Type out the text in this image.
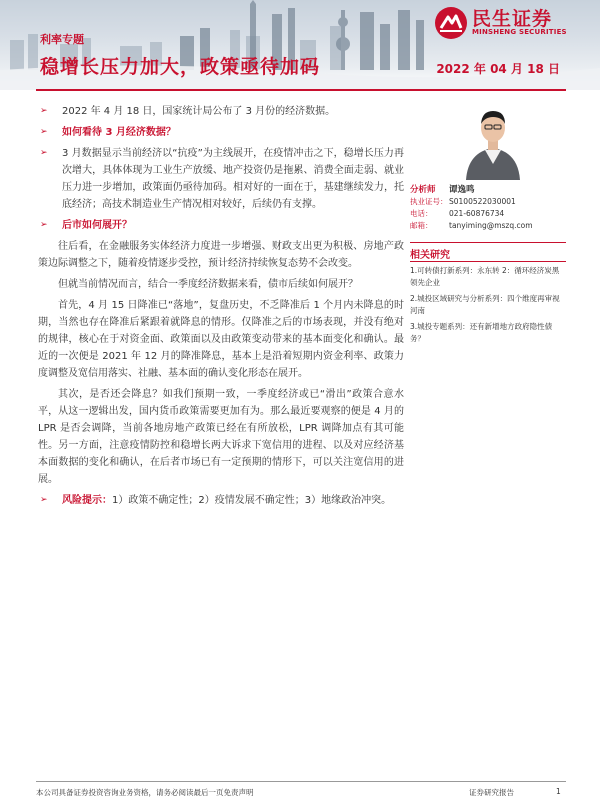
利率专题
稳增长压力加大，政策亟待加码	2022 年 04 月 18 日
民生证券
MINSHENG SECURITIES
➢ 2022 年 4 月 18 日，国家统计局公布了 3 月份的经济数据。
➢ 如何看待 3 月经济数据？
➢ 3 月数据显示当前经济以“抗疫”为主线展开，在疫情冲击之下，稳增长压力再次增大，具体体现为工业生产放缓、地产投资仍是拖累、消费全面走弱、就业压力进一步增加，政策面仍亟待加码。相对好的一面在于，基建继续发力，托底经济；高技术制造业生产情况相对较好，后续仍有支撑。
➢ 后市如何展开？
往后看，在金融服务实体经济力度进一步增强、财政支出更为积极、房地产政策边际调整之下，随着疫情逐步受控，预计经济持续恢复态势不会改变。
但就当前情况而言，结合一季度经济数据来看，债市后续如何展开？
首先，4 月 15 日降准已“落地”，复盘历史，不乏降准后 1 个月内未降息的时期，当然也存在降准后紧跟着就降息的情形。仅降准之后的市场表现，并没有绝对的规律，核心在于对资金面、政策面以及由政策变动带来的基本面变化和确认。最近的一次便是 2021 年 12 月的降准降息，基本上是沿着短期内资金利率、政策力度调整及宽信用落实、社融、基本面的确认变化形态在展开。
其次，是否还会降息？如我们预期一致，一季度经济或已“滑出”政策合意水平，从这一逻辑出发，国内货币政策需要更加有为。那么最近要观察的便是 4 月的 LPR 是否会调降，当前各地房地产政策已经在有所放松，LPR 调降加点有其可能性。另一方面，注意疫情防控和稳增长两大诉求下宽信用的进程、以及对应经济基本面数据的变化和确认，在后者市场已有一定预期的情形下，可以关注宽信用的进展。
➢ 风险提示：1）政策不确定性；2）疫情发展不确定性；3）地缘政治冲突。
分析师	谭逸鸣
执业证号： S0100522030001
电话：	021-60876734
邮箱：	tanyiming@mszq.com
相关研究
1.可转债打新系列：永东转 2：循环经济炭黑领先企业
2.城投区域研究与分析系列：四个维度再审视河南
3.城投专题系列：还有新增地方政府隐性债务？
本公司具备证券投资咨询业务资格，请务必阅读最后一页免责声明	证券研究报告	1
